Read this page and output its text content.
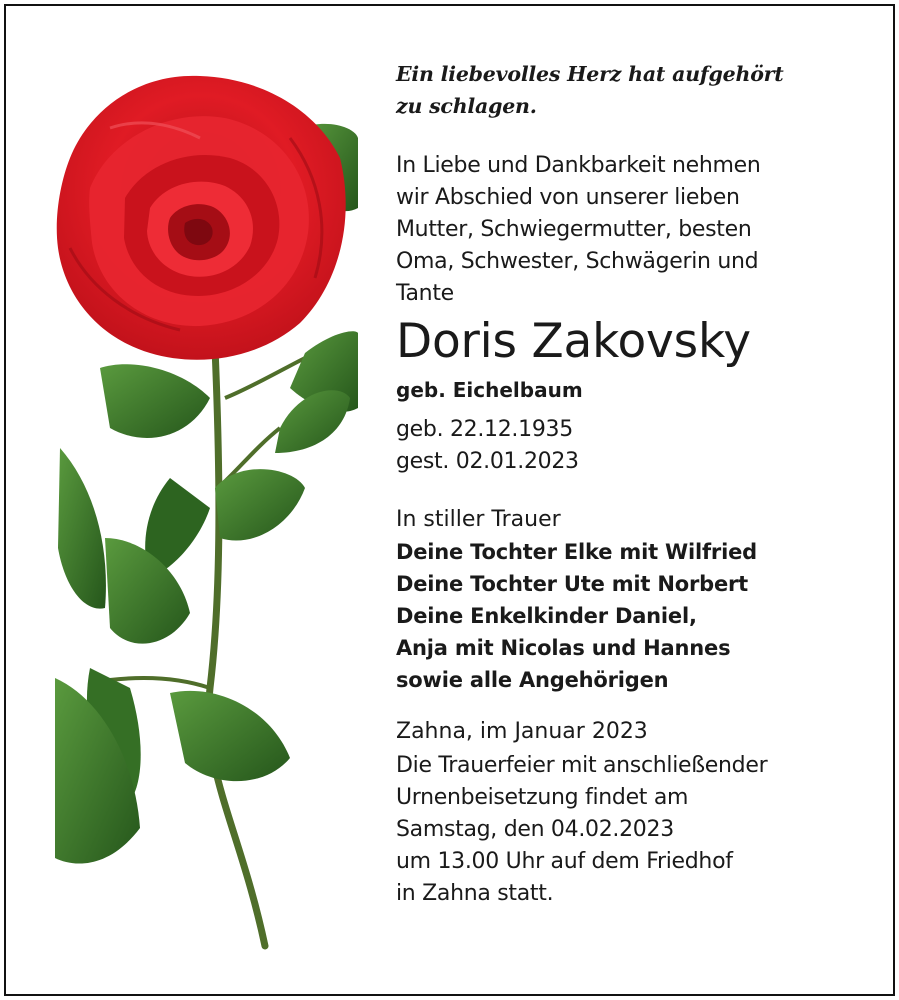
Ein liebevolles Herz hat aufgehört
zu schlagen.

In Liebe und Dankbarkeit nehmen
wir Abschied von unserer lieben
Mutter, Schwiegermutter, besten
Oma, Schwester, Schwägerin und
Tante

Doris Zakovsky

geb. Eichelbaum

geb. 22.12.1935

gest. 02.01.2023

In stiller Trauer

Deine Tochter Elke mit Wilfried

Deine Tochter Ute mit Norbert

Deine Enkelkinder Daniel,

Anja mit Nicolas und Hannes

sowie alle Angehörigen

Zahna, im Januar 2023

Die Trauerfeier mit anschließender
Urnenbeisetzung findet am
Samstag, den 04.02.2023
um 13.00 Uhr auf dem Friedhof
in Zahna statt.
